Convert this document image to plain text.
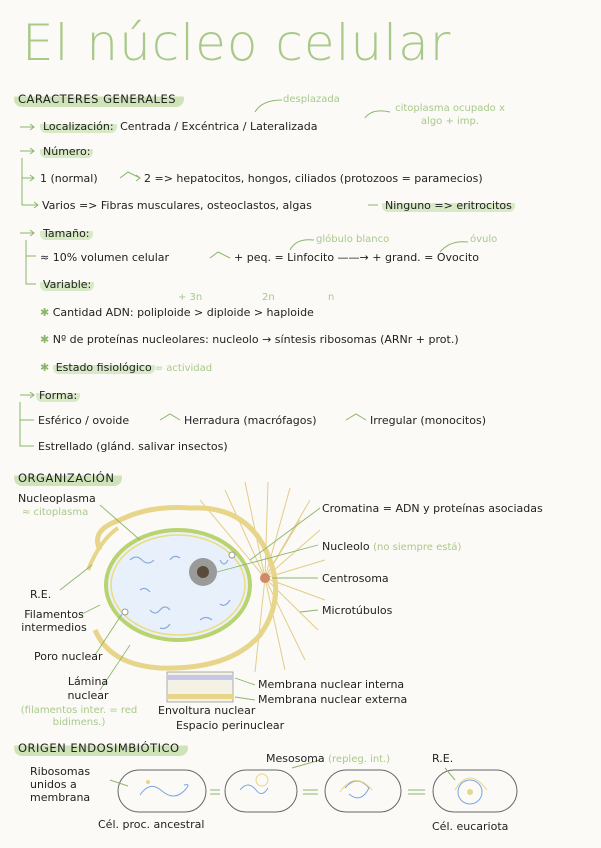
El núcleo celular
CARACTERES GENERALES	desplazada
citoplasma ocupado x algo + imp.
Localización: Centrada / Excéntrica / Lateralizada
Número:
1 (normal)	2 => hepatocitos, hongos, ciliados (protozoos = paramecios)
Varios => Fibras musculares, osteoclastos, algas	Ninguno => eritrocitos
Tamaño:	glóbulo blanco	óvulo
≈ 10% volumen celular	+ peq. = Linfocito ——→ + grand. = Ovocito
Variable:
+ 3n	2n	n
✱ Cantidad ADN: poliploide > diploide > haploide
✱ Nº de proteínas nucleolares: nucleolo → síntesis ribosomas (ARNr + prot.)
✱ Estado fisiológico = actividad
Forma:
Esférico / ovoide	Herradura (macrófagos)	Irregular (monocitos)
Estrellado (glánd. salivar insectos)
ORGANIZACIÓN
Nucleoplasma
≈ citoplasma
R.E.
Filamentos intermedios
Poro nuclear
Lámina nuclear
(filamentos inter. = red bidimens.)
Cromatina = ADN y proteínas asociadas
Nucleolo (no siempre está)
Centrosoma
Microtúbulos
Membrana nuclear interna
Membrana nuclear externa
Envoltura nuclear
Espacio perinuclear
ORIGEN ENDOSIMBIÓTICO
Ribosomas unidos a membrana
Mesosoma (repleg. int.)	R.E.
Cél. proc. ancestral	Cél. eucariota
